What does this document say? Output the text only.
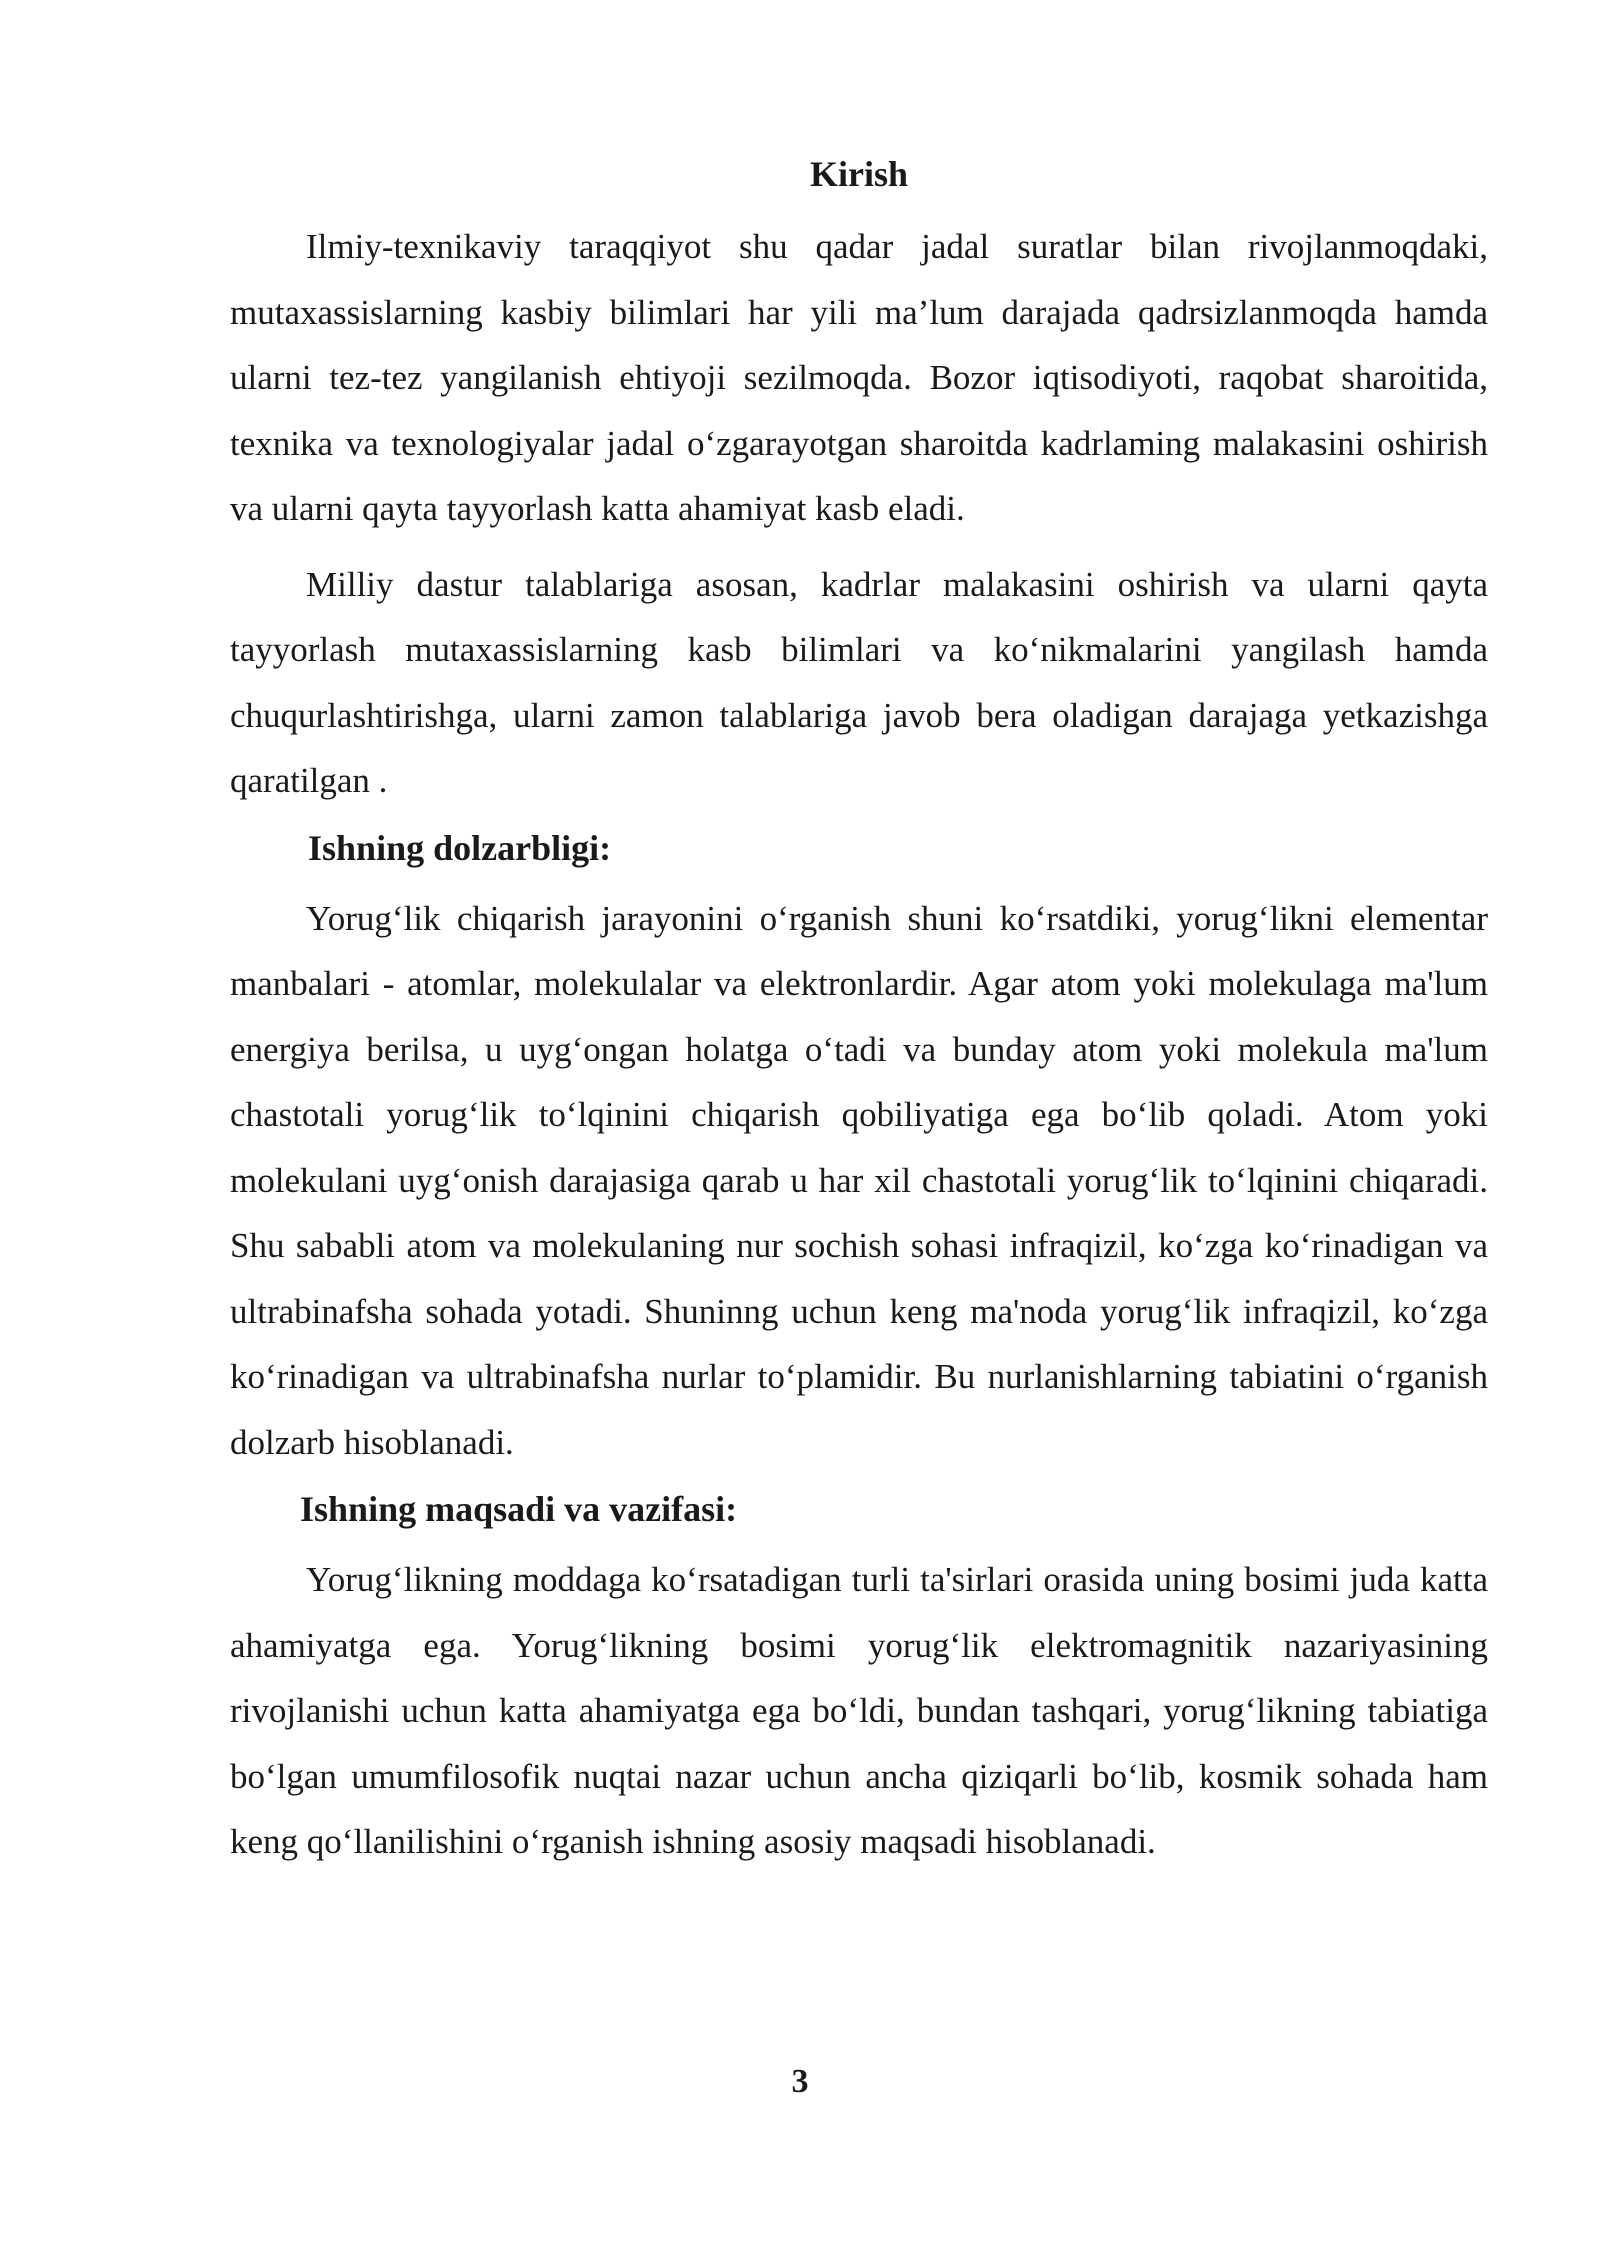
Kirish

Ilmiy-texnikaviy taraqqiyot shu qadar jadal suratlar bilan rivojlanmoqdaki, mutaxassislarning kasbiy bilimlari har yili ma’lum darajada qadrsizlanmoqda hamda ularni tez-tez yangilanish ehtiyoji sezilmoqda. Bozor iqtisodiyoti, raqobat sharoitida, texnika va texnologiyalar jadal o‘zgarayotgan sharoitda kadrlaming malakasini oshirish va ularni qayta tayyorlash katta ahamiyat kasb eladi.

Milliy dastur talablariga asosan, kadrlar malakasini oshirish va ularni qayta tayyorlash mutaxassislarning kasb bilimlari va ko‘nikmalarini yangilash hamda chuqurlashtirishga, ularni zamon talablariga javob bera oladigan darajaga yetkazishga qaratilgan .

Ishning dolzarbligi:

Yorug‘lik chiqarish jarayonini o‘rganish shuni ko‘rsatdiki, yorug‘likni elementar manbalari - atomlar, molekulalar va elektronlardir. Agar atom yoki molekulaga ma'lum energiya berilsa, u uyg‘ongan holatga o‘tadi va bunday atom yoki molekula ma'lum chastotali yorug‘lik to‘lqinini chiqarish qobiliyatiga ega bo‘lib qoladi. Atom yoki molekulani uyg‘onish darajasiga qarab u har xil chastotali yorug‘lik to‘lqinini chiqaradi. Shu sababli atom va molekulaning nur sochish sohasi infraqizil, ko‘zga ko‘rinadigan va ultrabinafsha sohada yotadi. Shuninng uchun keng ma'noda yorug‘lik infraqizil, ko‘zga ko‘rinadigan va ultrabinafsha nurlar to‘plamidir. Bu nurlanishlarning tabiatini o‘rganish dolzarb hisoblanadi.

Ishning maqsadi va vazifasi:

Yorug‘likning moddaga ko‘rsatadigan turli ta'sirlari orasida uning bosimi juda katta ahamiyatga ega. Yorug‘likning bosimi yorug‘lik elektromagnitik nazariyasining rivojlanishi uchun katta ahamiyatga ega bo‘ldi, bundan tashqari, yorug‘likning tabiatiga bo‘lgan umumfilosofik nuqtai nazar uchun ancha qiziqarli bo‘lib, kosmik sohada ham keng qo‘llanilishini o‘rganish ishning asosiy maqsadi hisoblanadi.

3
